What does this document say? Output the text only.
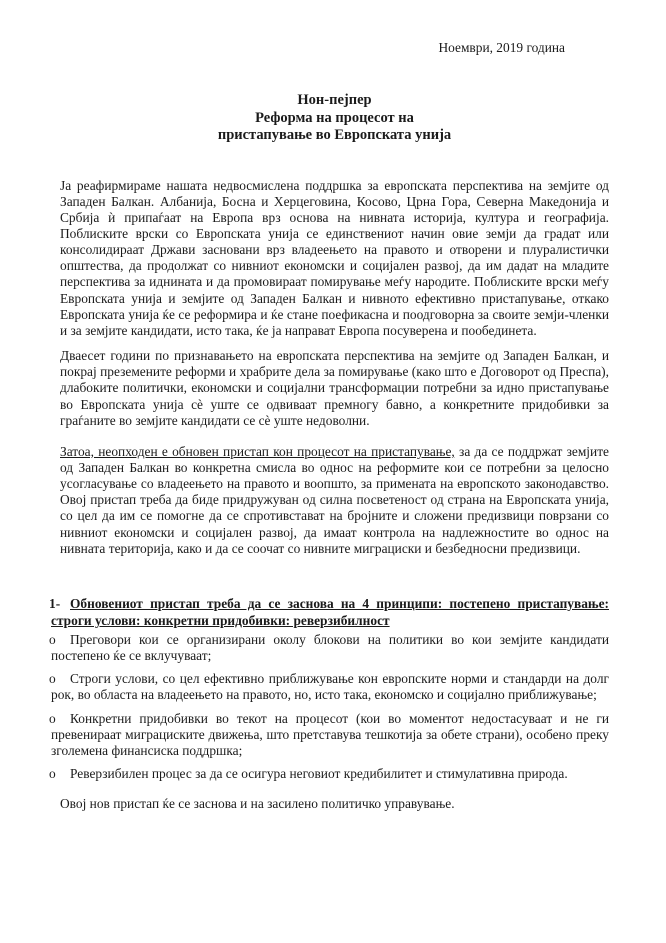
Ноември, 2019 година
Нон-пејпер
Реформа на процесот на
пристапување во Европската унија

Ја реафирмираме нашата недвосмислена поддршка за европската перспектива на земјите од Западен Балкан. Албанија, Босна и Херцеговина, Косово, Црна Гора, Северна Македонија и Србија ѝ припаѓаат на Европа врз основа на нивната историја, култура и географија. Поблиските врски со Европската унија се единствениот начин овие земји да градат или консолидираат Држави засновани врз владеењето на правото и отворени и плуралистички општества, да продолжат со нивниот економски и социјален развој, да им дадат на младите перспектива за иднината и да промовираат помирување меѓу народите. Поблиските врски меѓу Европската унија и земјите од Западен Балкан и нивното ефективно пристапување, откако Европската унија ќе се реформира и ќе стане поефикасна и поодговорна за своите земји-членки и за земјите кандидати, исто така, ќе ја направат Европа посуверена и пообединета.

Дваесет години по признавањето на европската перспектива на земјите од Западен Балкан, и покрај преземените реформи и храбрите дела за помирување (како што е Договорот од Преспа), длабоките политички, економски и социјални трансформации потребни за идно пристапување во Европската унија сè уште се одвиваат премногу бавно, а конкретните придобивки за граѓаните во земјите кандидати се сè уште недоволни.

Затоа, неопходен е обновен пристап кон процесот на пристапување, за да се поддржат земјите од Западен Балкан во конкретна смисла во однос на реформите кои се потребни за целосно усогласување со владеењето на правото и воопшто, за примената на европското законодавство. Овој пристап треба да биде придружуван од силна посветеност од страна на Европската унија, со цел да им се помогне да се спротивстават на бројните и сложени предизвици поврзани со нивниот економски и социјален развој, да имаат контрола на надлежностите во однос на нивната територија, како и да се соочат со нивните миграциски и безбедносни предизвици.

1- Обновениот пристап треба да се заснова на 4 принципи: постепено пристапување: строги услови: конкретни придобивки: реверзибилност
o	Преговори кои се организирани околу блокови на политики во кои земјите кандидати постепено ќе се вклучуваат;
o	Строги услови, со цел ефективно приближување кон европските норми и стандарди на долг рок, во областа на владеењето на правото, но, исто така, економско и социјално приближување;
o	Конкретни придобивки во текот на процесот (кои во моментот недостасуваат и не ги превенираат миграциските движења, што претставува тешкотија за обете страни), особено преку зголемена финансиска поддршка;
o	Реверзибилен процес за да се осигура неговиот кредибилитет и стимулативна природа.

Овој нов пристап ќе се заснова и на засилено политичко управување.
